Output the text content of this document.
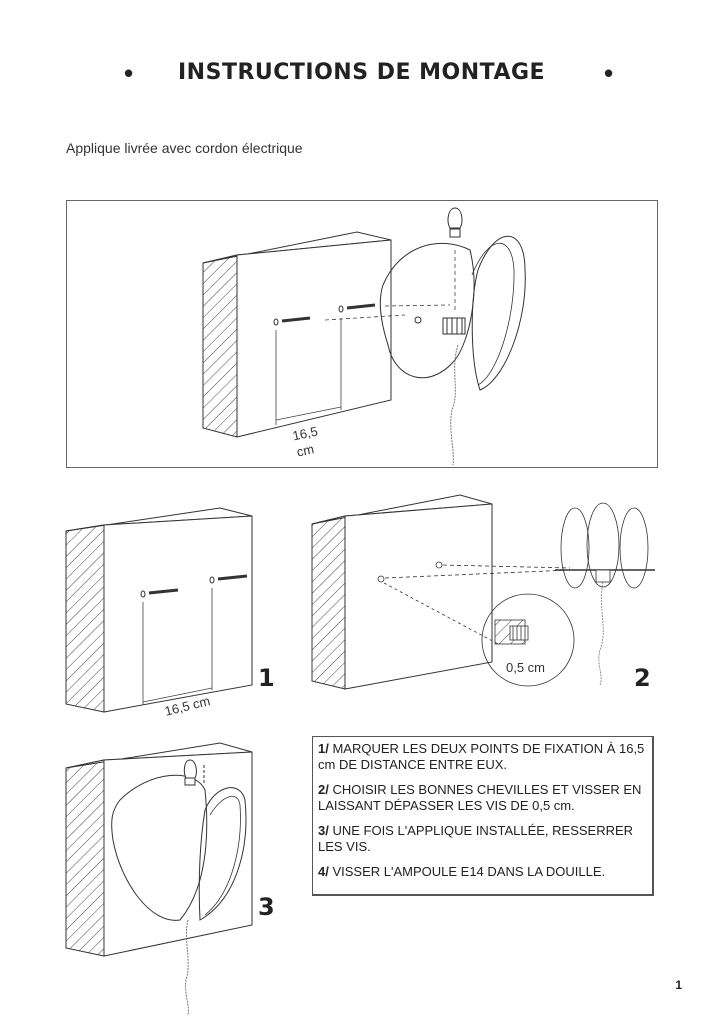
• INSTRUCTIONS DE MONTAGE •
Applique livrée avec cordon électrique
16,5
cm
16,5 cm
0,5 cm
1	2
3

1/ MARQUER LES DEUX POINTS DE FIXATION À 16,5 cm DE DISTANCE ENTRE EUX.

2/ CHOISIR LES BONNES CHEVILLES ET VISSER EN LAISSANT DÉPASSER LES VIS DE 0,5 cm.

3/ UNE FOIS L'APPLIQUE INSTALLÉE, RESSERRER LES VIS.

4/ VISSER L'AMPOULE E14 DANS LA DOUILLE.

1
